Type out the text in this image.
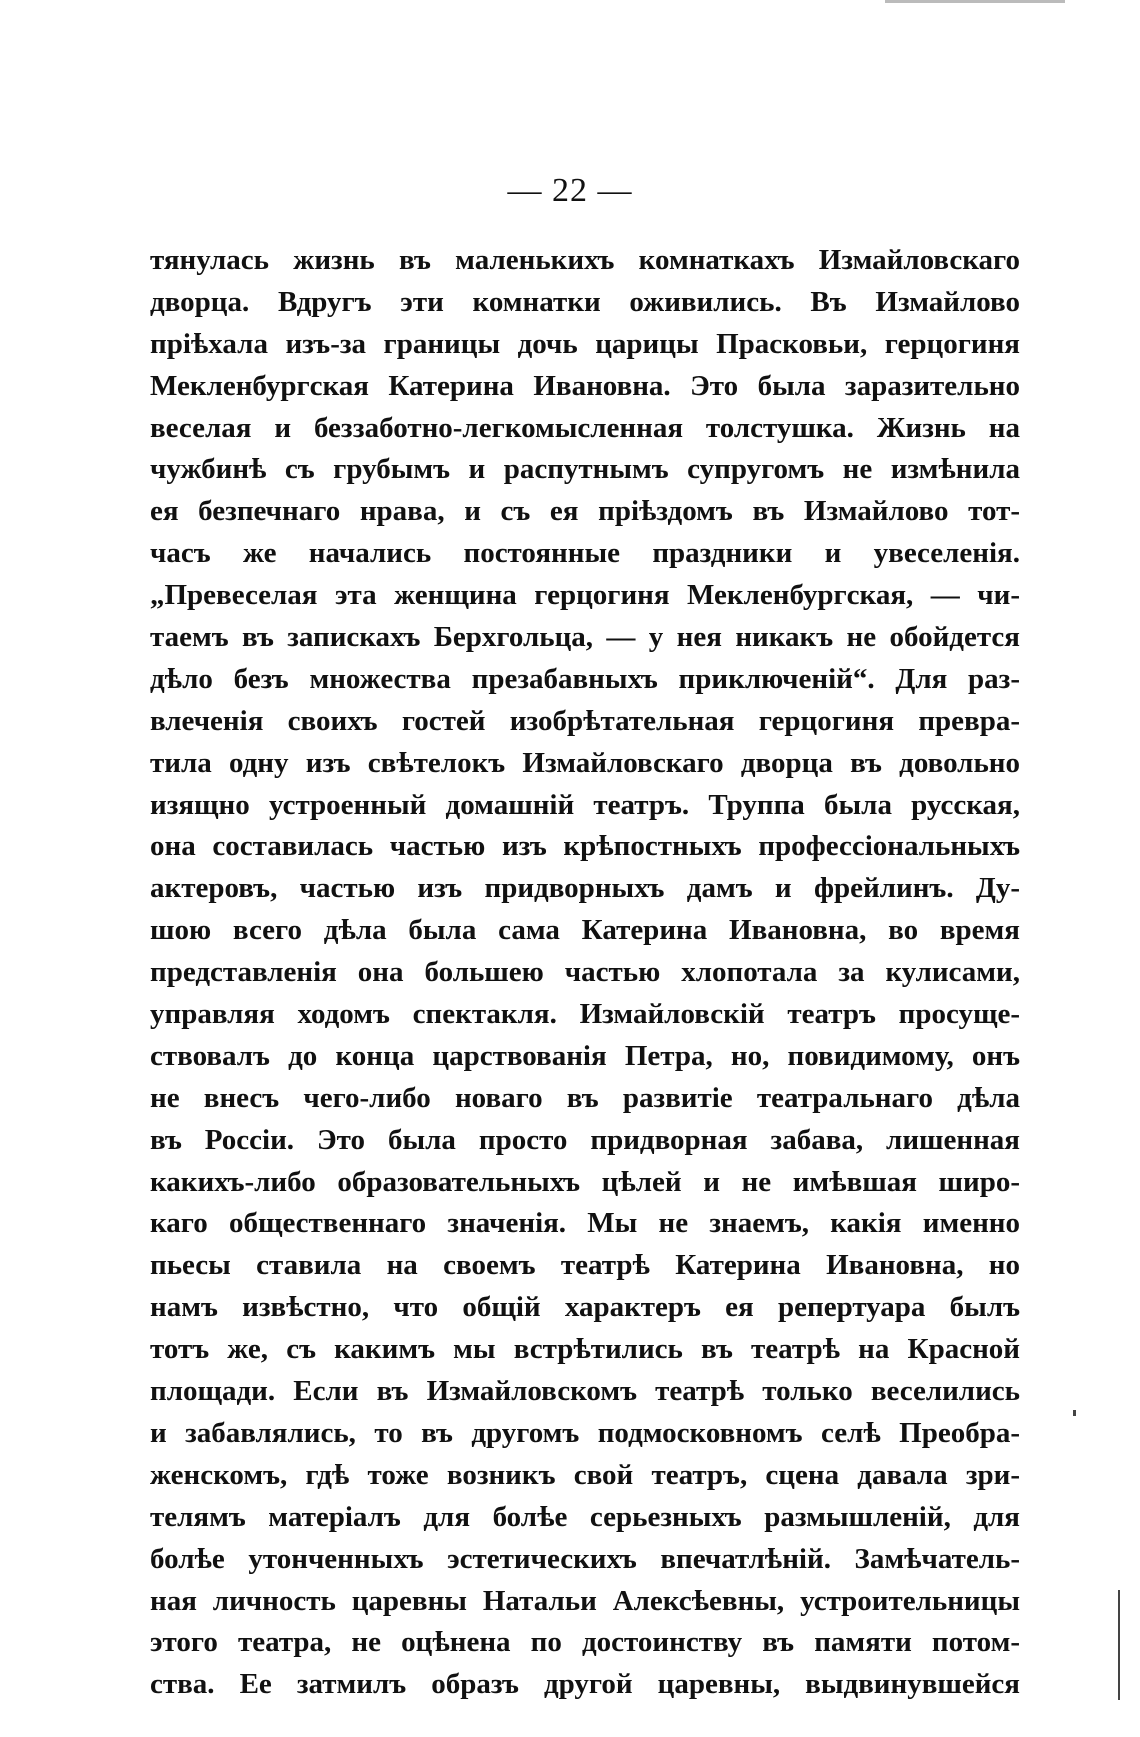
— 22 —

тянулась жизнь въ маленькихъ комнаткахъ Измайловскаго
дворца. Вдругъ эти комнатки оживились. Въ Измайлово
пріѣхала изъ-за границы дочь царицы Прасковьи, герцогиня
Мекленбургская Катерина Ивановна. Это была заразительно
веселая и беззаботно-легкомысленная толстушка. Жизнь на
чужбинѣ съ грубымъ и распутнымъ супругомъ не измѣнила
ея безпечнаго нрава, и съ ея пріѣздомъ въ Измайлово тот-
часъ же начались постоянные праздники и увеселенія.
„Превеселая эта женщина герцогиня Мекленбургская, — чи-
таемъ въ запискахъ Берхгольца, — у нея никакъ не обойдется
дѣло безъ множества презабавныхъ приключеній“. Для раз-
влеченія своихъ гостей изобрѣтательная герцогиня превра-
тила одну изъ свѣтелокъ Измайловскаго дворца въ довольно
изящно устроенный домашній театръ. Труппа была русская,
она составилась частью изъ крѣпостныхъ профессіональныхъ
актеровъ, частью изъ придворныхъ дамъ и фрейлинъ. Ду-
шою всего дѣла была сама Катерина Ивановна, во время
представленія она большею частью хлопотала за кулисами,
управляя ходомъ спектакля. Измайловскій театръ просуще-
ствовалъ до конца царствованія Петра, но, повидимому, онъ
не внесъ чего-либо новаго въ развитіе театральнаго дѣла
въ Россіи. Это была просто придворная забава, лишенная
какихъ-либо образовательныхъ цѣлей и не имѣвшая широ-
каго общественнаго значенія. Мы не знаемъ, какія именно
пьесы ставила на своемъ театрѣ Катерина Ивановна, но
намъ извѣстно, что общій характеръ ея репертуара былъ
тотъ же, съ какимъ мы встрѣтились въ театрѣ на Красной
площади. Если въ Измайловскомъ театрѣ только веселились
и забавлялись, то въ другомъ подмосковномъ селѣ Преобра-
женскомъ, гдѣ тоже возникъ свой театръ, сцена давала зри-
телямъ матеріалъ для болѣе серьезныхъ размышленій, для
болѣе утонченныхъ эстетическихъ впечатлѣній. Замѣчатель-
ная личность царевны Натальи Алексѣевны, устроительницы
этого театра, не оцѣнена по достоинству въ памяти потом-
ства. Ее затмилъ образъ другой царевны, выдвинувшейся
